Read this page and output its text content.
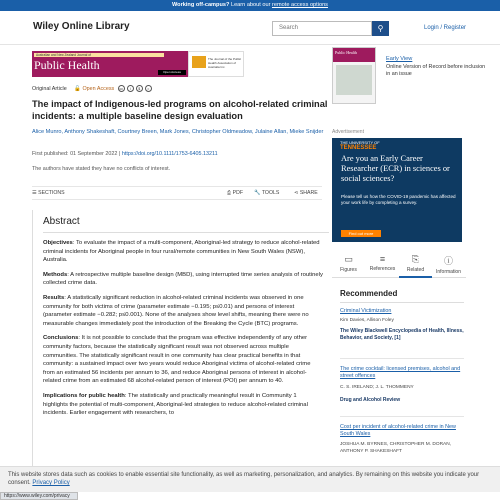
Working off-campus? Learn about our remote access options
Wiley Online Library	Search	⚲	Login / Register
Australian and New Zealand Journal of
Public Health	Open Access
The Journal of the Public Health Association of Australia Inc.
Original Article 🔓 Open Access cc i $ =
The impact of Indigenous-led programs on alcohol-related criminal incidents: a multiple baseline design evaluation
Alice Munro, Anthony Shakeshaft, Courtney Breen, Mark Jones, Christopher Oldmeadow, Julaine Allan, Mieke Snijder
First published: 01 September 2022 | https://doi.org/10.1111/1753-6405.13211
The authors have stated they have no conflicts of interest.
☰ SECTIONS	⎙ PDF 🔧 TOOLS	⋖ SHARE
Abstract

Objectives: To evaluate the impact of a multi-component, Aboriginal-led strategy to reduce alcohol-related criminal incidents for Aboriginal people in four rural/remote communities in New South Wales (NSW), Australia.

Methods: A retrospective multiple baseline design (MBD), using interrupted time series analysis of routinely collected crime data.

Results: A statistically significant reduction in alcohol-related criminal incidents was observed in one community for both victims of crime (parameter estimate −0.195; p≤0.01) and persons of interest (parameter estimate −0.282; p≤0.001). None of the analyses show level shifts, meaning there were no measurable changes immediately post the introduction of the Breaking the Cycle (BTC) programs.

Conclusions: It is not possible to conclude that the program was effective independently of any other community factors, because the statistically significant result was not observed across multiple communities. The statistically significant result in one community has clear practical benefits in that community: a sustained impact over two years would reduce Aboriginal victims of alcohol-related crime from an estimated 56 incidents per annum to 36, and reduce Aboriginal persons of interest in alcohol-related crime from an estimated 68 alcohol-related person of interest (POI) per annum to 40.

Implications for public health: The statistically and practically meaningful result in Community 1 highlights the potential of multi-component, Aboriginal-led strategies to reduce alcohol-related criminal incidents. Earlier engagement with researchers, to

Public Health
Early View
Online Version of Record before inclusion in an issue
Advertisement
THE UNIVERSITY OF
TENNESSEE
Are you an Early Career Researcher (ECR) in sciences or social sciences?
Please tell us how the COVID-19 pandemic has affected your work life by completing a survey.
Find out more
▭
Figures
≡
References
⎘
Related
ⓘ
Information
Recommended
Criminal Victimization
Kim Davies, Allison Foley
The Wiley Blackwell Encyclopedia of Health, Illness, Behavior, and Society, [1]
The crime cocktail: licensed premises, alcohol and street offences
C. S. IRELAND; J. L. THOMMENY
Drug and Alcohol Review
Cost per incident of alcohol-related crime in New South Wales
JOSHUA M. BYRNES, CHRISTOPHER M. DORAN, ANTHONY P. SHAKESHAFT
This website stores data such as cookies to enable essential site functionality, as well as marketing, personalization, and analytics. By remaining on this website you indicate your consent. Privacy Policy
https://www.wiley.com/privacy
